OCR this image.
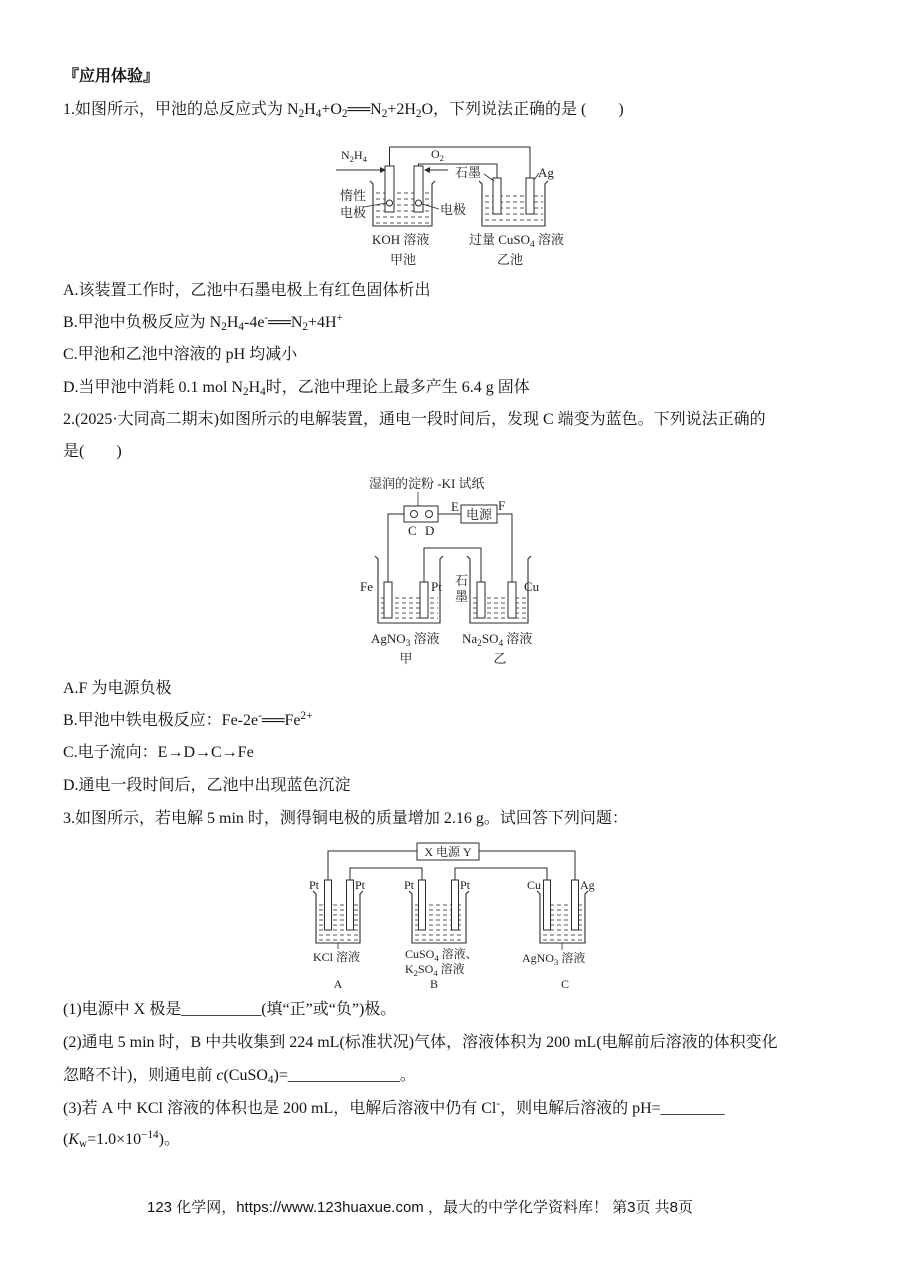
『应用体验』
1.如图所示，甲池的总反应式为 $N_2H_4+O_2══N_2+2H_2O$，下列说法正确的是 (　　)
$N_2H_4$	$O_2$
石墨	Ag
惰性
电极	电极
KOH 溶液
甲池
过量 CuSO$_4$ 溶液
乙池
A.该装置工作时，乙池中石墨电极上有红色固体析出
B.甲池中负极反应为 $N_2H_4-4e^-══N_2+4H^+$
C.甲池和乙池中溶液的 pH 均减小
D.当甲池中消耗 0.1 mol $N_2H_4$时，乙池中理论上最多产生 6.4 g 固体
2.(2025·大同高二期末)如图所示的电解装置，通电一段时间后，发现 C 端变为蓝色。下列说法正确的
是(　　)
湿润的淀粉 -KI 试纸
电源
C D
E	F
Fe	Pt 石
墨
Cu
AgNO$_3$ 溶液
甲
$Na_2SO_4$ 溶液
乙
A.F 为电源负极
B.甲池中铁电极反应：$Fe-2e^-══Fe^{2+}$
C.电子流向：E→D→C→Fe
D.通电一段时间后，乙池中出现蓝色沉淀
3.如图所示，若电解 5 min 时，测得铜电极的质量增加 2.16 g。试回答下列问题：
X 电源 Y
Pt	Pt	Pt	Pt	Cu	Ag
KCl 溶液
A
CuSO$_4$ 溶液、
$K_2SO_4$ 溶液
B
AgNO$_3$ 溶液
C
(1)电源中 X 极是__________(填“正”或“负”)极。
(2)通电 5 min 时，B 中共收集到 224 mL(标准状况)气体，溶液体积为 200 mL(电解前后溶液的体积变化
忽略不计)，则通电前 c(CuSO$_4$)=______________。
(3)若 A 中 KCl 溶液的体积也是 200 mL，电解后溶液中仍有 Cl-，则电解后溶液的 pH=________
$(K_w=1.0\times 10^{-14})$。
123 化学网，https://www.123huaxue.com ，最大的中学化学资料库！ 第3页 共8页
